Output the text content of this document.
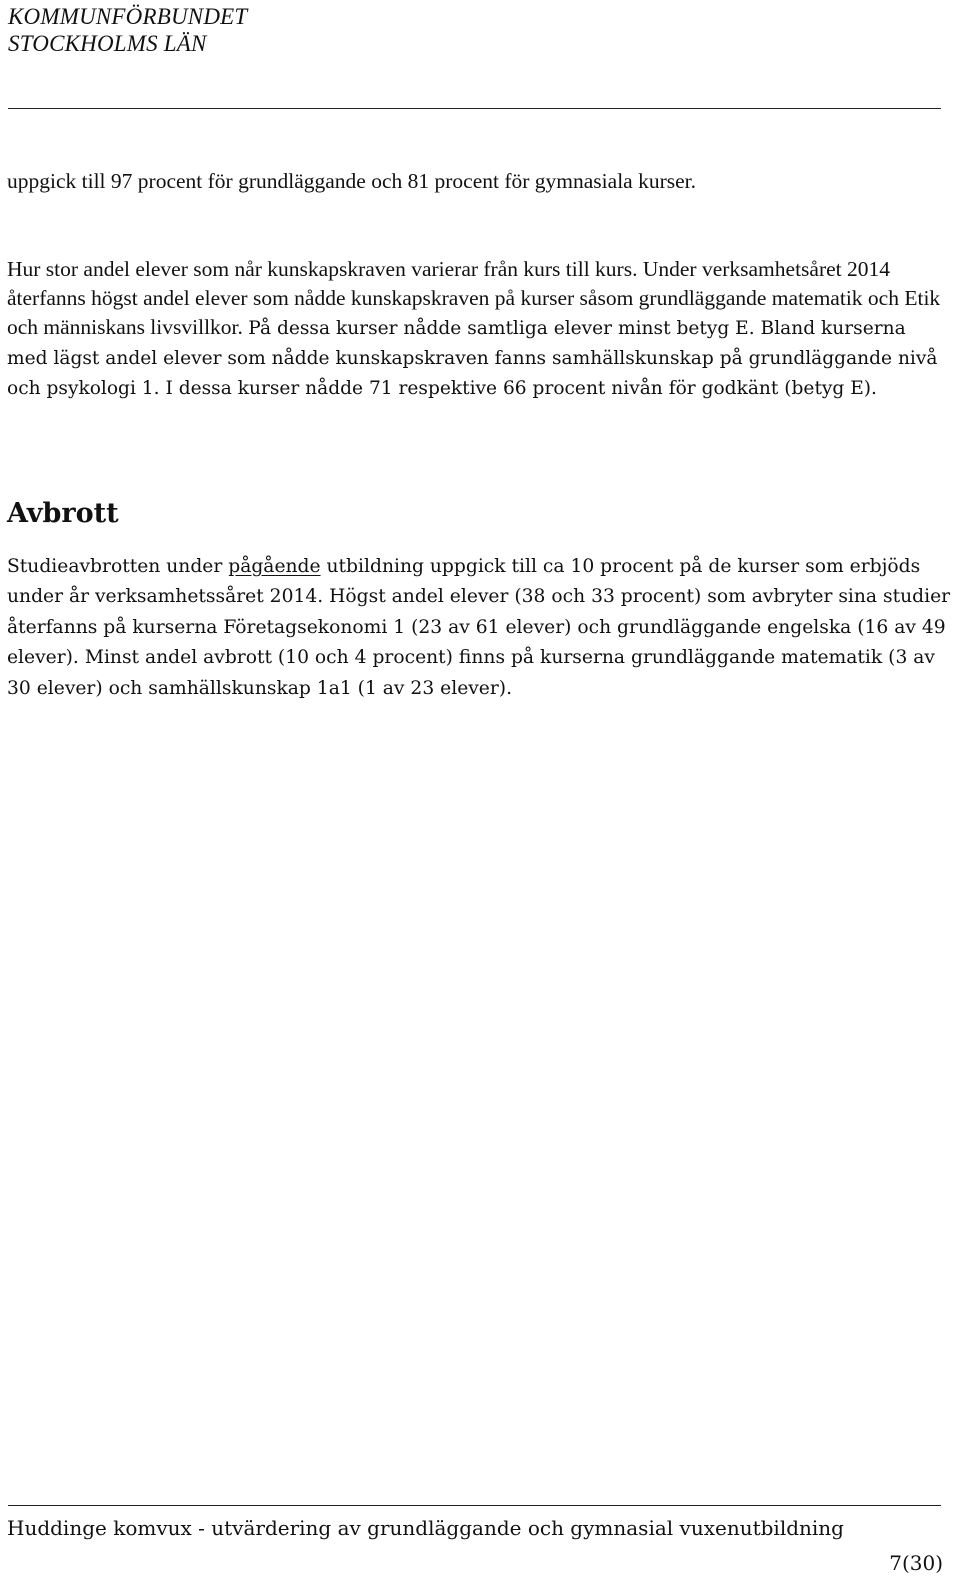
KOMMUNFÖRBUNDET
STOCKHOLMS LÄN

uppgick till 97 procent för grundläggande och 81 procent för gymnasiala kurser.

Hur stor andel elever som når kunskapskraven varierar från kurs till kurs. Under verksamhetsåret 2014 återfanns högst andel elever som nådde kunskapskraven på kurser såsom grundläggande matematik och Etik och människans livsvillkor. På dessa kurser nådde samtliga elever minst betyg E. Bland kurserna med lägst andel elever som nådde kunskapskraven fanns samhällskunskap på grundläggande nivå och psykologi 1. I dessa kurser nådde 71 respektive 66 procent nivån för godkänt (betyg E).

Avbrott

Studieavbrotten under pågående utbildning uppgick till ca 10 procent på de kurser som erbjöds under år verksamhetssåret 2014. Högst andel elever (38 och 33 procent) som avbryter sina studier återfanns på kurserna Företagsekonomi 1 (23 av 61 elever) och grundläggande engelska (16 av 49 elever). Minst andel avbrott (10 och 4 procent) finns på kurserna grundläggande matematik (3 av 30 elever) och samhällskunskap 1a1 (1 av 23 elever).

Huddinge komvux - utvärdering av grundläggande och gymnasial vuxenutbildning
7(30)
